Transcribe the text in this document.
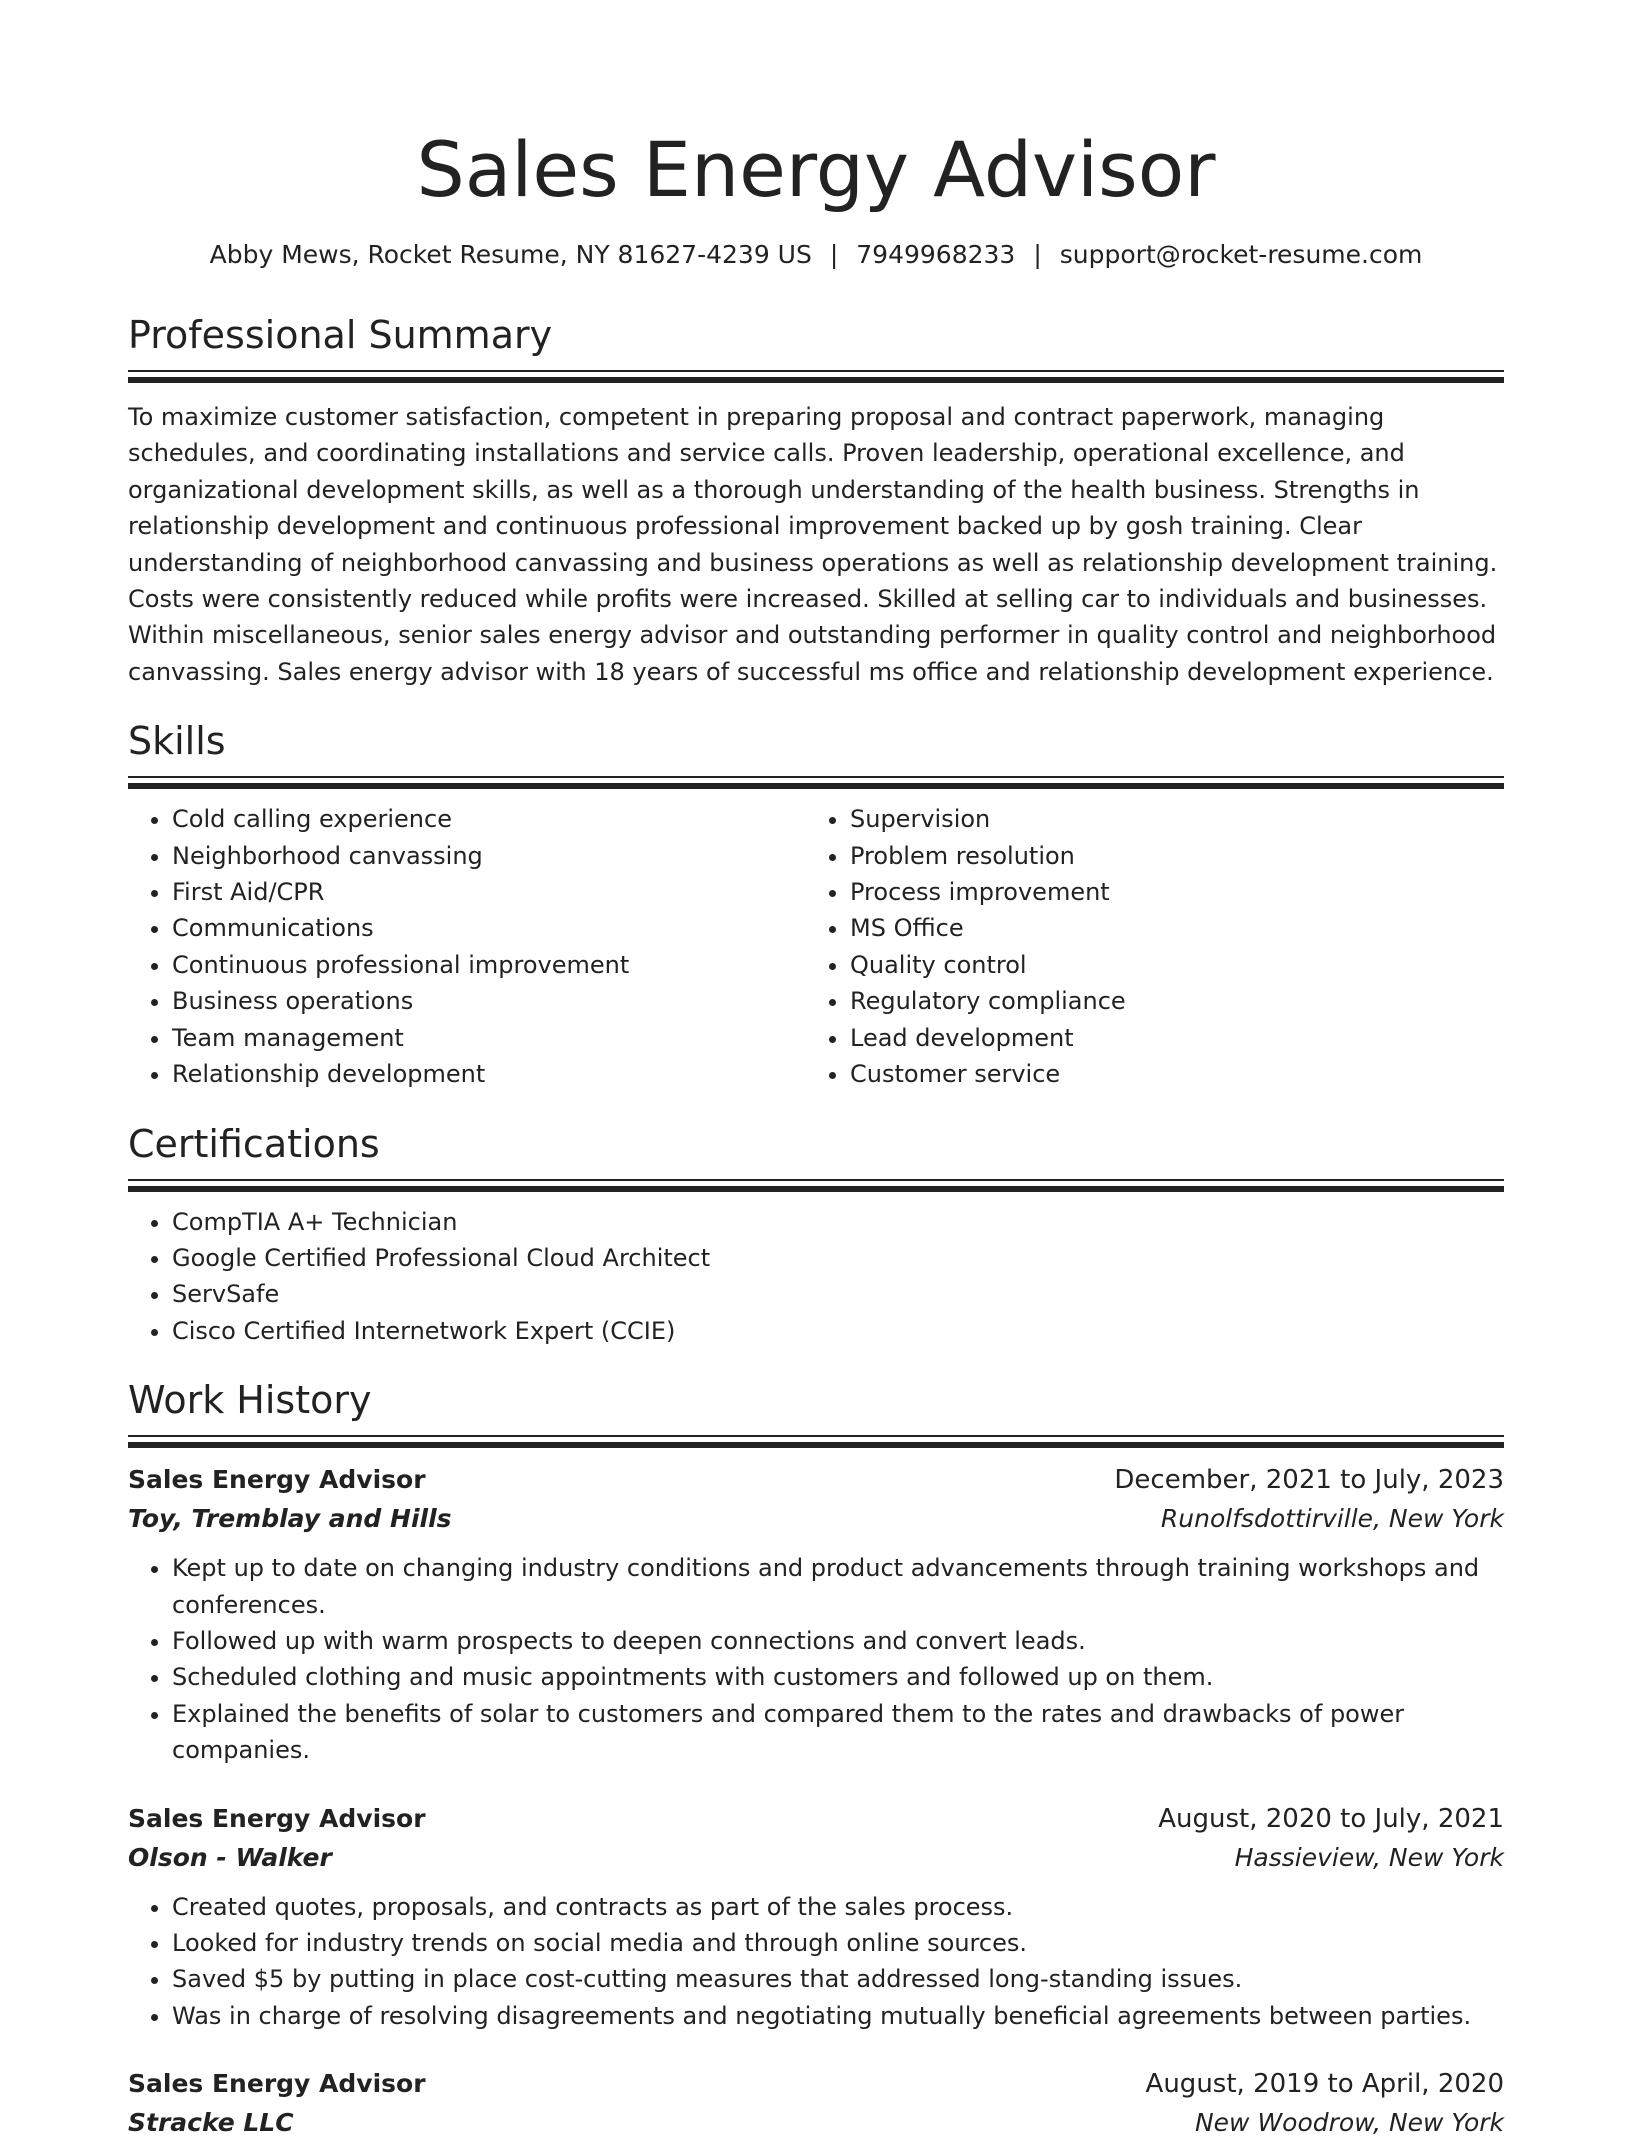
Sales Energy Advisor
Abby Mews, Rocket Resume, NY 81627-4239 US | 7949968233 | support@rocket-resume.com
Professional Summary

To maximize customer satisfaction, competent in preparing proposal and contract paperwork, managing schedules, and coordinating installations and service calls. Proven leadership, operational excellence, and organizational development skills, as well as a thorough understanding of the health business. Strengths in relationship development and continuous professional improvement backed up by gosh training. Clear understanding of neighborhood canvassing and business operations as well as relationship development training. Costs were consistently reduced while profits were increased. Skilled at selling car to individuals and businesses. Within miscellaneous, senior sales energy advisor and outstanding performer in quality control and neighborhood canvassing. Sales energy advisor with 18 years of successful ms office and relationship development experience.

Skills
• Cold calling experience
• Neighborhood canvassing
• First Aid/CPR
• Communications
• Continuous professional improvement
• Business operations
• Team management
• Relationship development
• Supervision
• Problem resolution
• Process improvement
• MS Office
• Quality control
• Regulatory compliance
• Lead development
• Customer service
Certifications
• CompTIA A+ Technician
• Google Certified Professional Cloud Architect
• ServSafe
• Cisco Certified Internetwork Expert (CCIE)
Work History
Sales Energy Advisor	December, 2021 to July, 2023
Toy, Tremblay and Hills	Runolfsdottirville, New York
• Kept up to date on changing industry conditions and product advancements through training workshops and conferences.
• Followed up with warm prospects to deepen connections and convert leads.
• Scheduled clothing and music appointments with customers and followed up on them.
• Explained the benefits of solar to customers and compared them to the rates and drawbacks of power companies.
Sales Energy Advisor	August, 2020 to July, 2021
Olson - Walker	Hassieview, New York
• Created quotes, proposals, and contracts as part of the sales process.
• Looked for industry trends on social media and through online sources.
• Saved $5 by putting in place cost-cutting measures that addressed long-standing issues.
• Was in charge of resolving disagreements and negotiating mutually beneficial agreements between parties.
Sales Energy Advisor	August, 2019 to April, 2020
Stracke LLC	New Woodrow, New York
